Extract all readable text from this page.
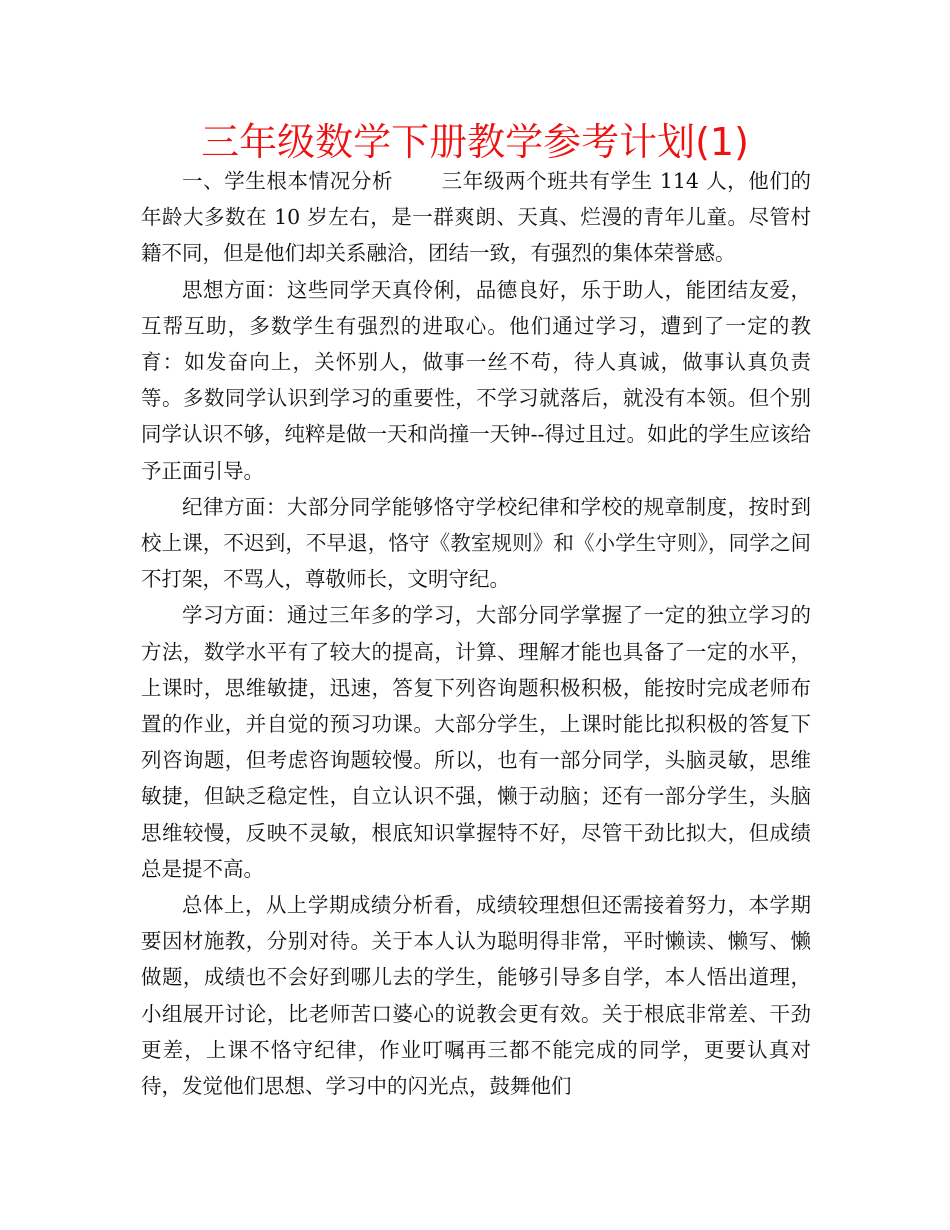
三年级数学下册教学参考计划(1)

一、学生根本情况分析 三年级两个班共有学生 114 人，他们的年龄大多数在 10 岁左右，是一群爽朗、天真、烂漫的青年儿童。尽管村籍不同，但是他们却关系融洽，团结一致，有强烈的集体荣誉感。

思想方面：这些同学天真伶俐，品德良好，乐于助人，能团结友爱，互帮互助，多数学生有强烈的进取心。他们通过学习，遭到了一定的教育：如发奋向上，关怀别人，做事一丝不苟，待人真诚，做事认真负责等。多数同学认识到学习的重要性，不学习就落后，就没有本领。但个别同学认识不够，纯粹是做一天和尚撞一天钟--得过且过。如此的学生应该给予正面引导。

纪律方面：大部分同学能够恪守学校纪律和学校的规章制度，按时到校上课，不迟到，不早退，恪守《教室规则》和《小学生守则》，同学之间不打架，不骂人，尊敬师长，文明守纪。

学习方面：通过三年多的学习，大部分同学掌握了一定的独立学习的方法，数学水平有了较大的提高，计算、理解才能也具备了一定的水平，上课时，思维敏捷，迅速，答复下列咨询题积极积极，能按时完成老师布置的作业，并自觉的预习功课。大部分学生，上课时能比拟积极的答复下列咨询题，但考虑咨询题较慢。所以，也有一部分同学，头脑灵敏，思维敏捷，但缺乏稳定性，自立认识不强，懒于动脑；还有一部分学生，头脑思维较慢，反映不灵敏，根底知识掌握特不好，尽管干劲比拟大，但成绩总是提不高。

总体上，从上学期成绩分析看，成绩较理想但还需接着努力，本学期要因材施教，分别对待。关于本人认为聪明得非常，平时懒读、懒写、懒做题，成绩也不会好到哪儿去的学生，能够引导多自学，本人悟出道理，小组展开讨论，比老师苦口婆心的说教会更有效。关于根底非常差、干劲更差，上课不恪守纪律，作业叮嘱再三都不能完成的同学，更要认真对待，发觉他们思想、学习中的闪光点，鼓舞他们
